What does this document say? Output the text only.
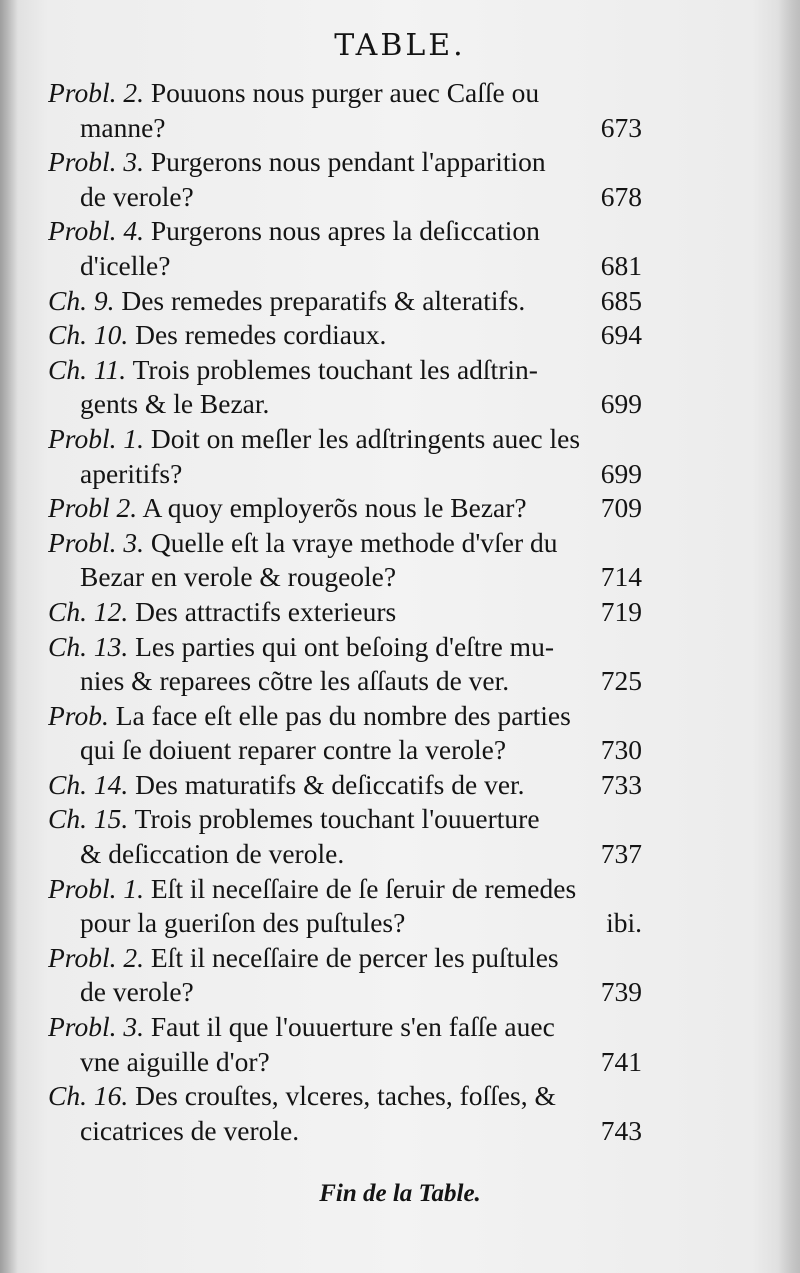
TABLE.
Probl. 2. Pouuons nous purger auec Caſſe ou
manne?	673
Probl. 3. Purgerons nous pendant l'apparition
de verole?	678
Probl. 4. Purgerons nous apres la deſiccation
d'icelle?	681
Ch. 9. Des remedes preparatifs & alteratifs.	685
Ch. 10. Des remedes cordiaux.	694
Ch. 11. Trois problemes touchant les adſtrin-
gents & le Bezar.	699
Probl. 1. Doit on meſler les adſtringents auec les
aperitifs?	699
Probl 2. A quoy employerõs nous le Bezar?	709
Probl. 3. Quelle eſt la vraye methode d'vſer du
Bezar en verole & rougeole?	714
Ch. 12. Des attractifs exterieurs	719
Ch. 13. Les parties qui ont beſoing d'eſtre mu-
nies & reparees cõtre les aſſauts de ver.	725
Prob. La face eſt elle pas du nombre des parties
qui ſe doiuent reparer contre la verole?	730
Ch. 14. Des maturatifs & deſiccatifs de ver.	733
Ch. 15. Trois problemes touchant l'ouuerture
& deſiccation de verole.	737
Probl. 1. Eſt il neceſſaire de ſe ſeruir de remedes
pour la gueriſon des puſtules?	ibi.
Probl. 2. Eſt il neceſſaire de percer les puſtules
de verole?	739
Probl. 3. Faut il que l'ouuerture s'en faſſe auec
vne aiguille d'or?	741
Ch. 16. Des crouſtes, vlceres, taches, foſſes, &
cicatrices de verole.	743
Fin de la Table.
